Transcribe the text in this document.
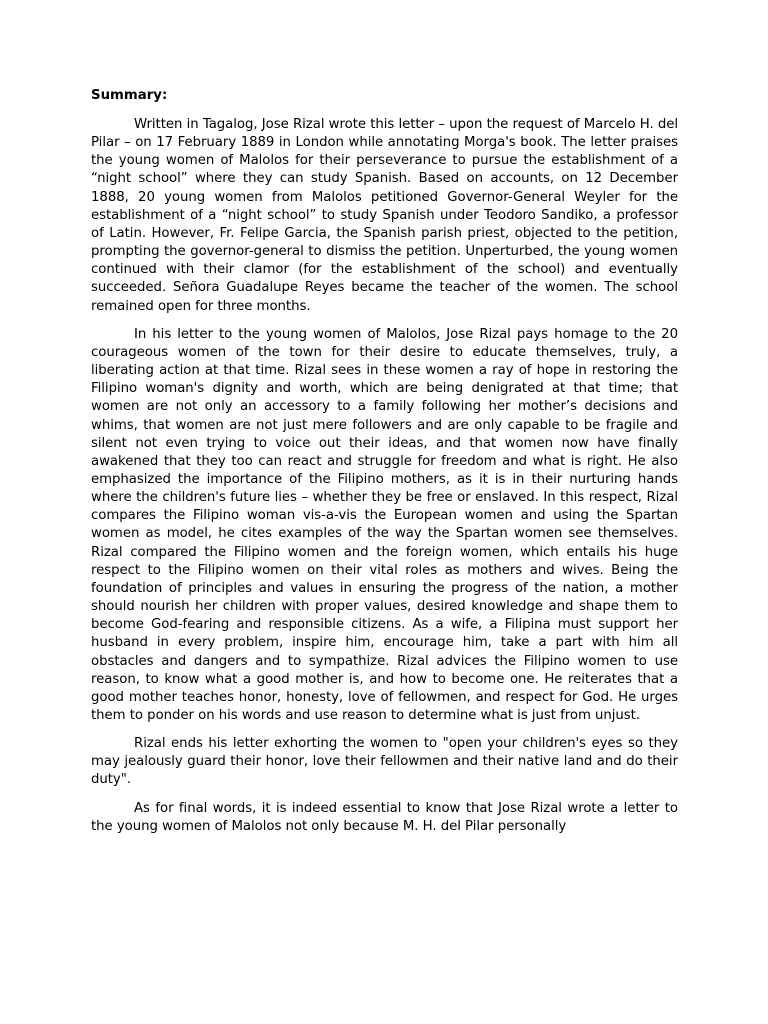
Summary:

Written in Tagalog, Jose Rizal wrote this letter – upon the request of Marcelo H. del Pilar – on 17 February 1889 in London while annotating Morga's book. The letter praises the young women of Malolos for their perseverance to pursue the establishment of a “night school” where they can study Spanish. Based on accounts, on 12 December 1888, 20 young women from Malolos petitioned Governor-General Weyler for the establishment of a “night school” to study Spanish under Teodoro Sandiko, a professor of Latin. However, Fr. Felipe Garcia, the Spanish parish priest, objected to the petition, prompting the governor-general to dismiss the petition. Unperturbed, the young women continued with their clamor (for the establishment of the school) and eventually succeeded. Señora Guadalupe Reyes became the teacher of the women. The school remained open for three months.

In his letter to the young women of Malolos, Jose Rizal pays homage to the 20 courageous women of the town for their desire to educate themselves, truly, a liberating action at that time. Rizal sees in these women a ray of hope in restoring the Filipino woman's dignity and worth, which are being denigrated at that time; that women are not only an accessory to a family following her mother’s decisions and whims, that women are not just mere followers and are only capable to be fragile and silent not even trying to voice out their ideas, and that women now have finally awakened that they too can react and struggle for freedom and what is right. He also emphasized the importance of the Filipino mothers, as it is in their nurturing hands where the children's future lies – whether they be free or enslaved. In this respect, Rizal compares the Filipino woman vis-a-vis the European women and using the Spartan women as model, he cites examples of the way the Spartan women see themselves. Rizal compared the Filipino women and the foreign women, which entails his huge respect to the Filipino women on their vital roles as mothers and wives. Being the foundation of principles and values in ensuring the progress of the nation, a mother should nourish her children with proper values, desired knowledge and shape them to become God-fearing and responsible citizens. As a wife, a Filipina must support her husband in every problem, inspire him, encourage him, take a part with him all obstacles and dangers and to sympathize. Rizal advices the Filipino women to use reason, to know what a good mother is, and how to become one. He reiterates that a good mother teaches honor, honesty, love of fellowmen, and respect for God. He urges them to ponder on his words and use reason to determine what is just from unjust.

Rizal ends his letter exhorting the women to "open your children's eyes so they may jealously guard their honor, love their fellowmen and their native land and do their duty".

As for final words, it is indeed essential to know that Jose Rizal wrote a letter to the young women of Malolos not only because M. H. del Pilar personally
